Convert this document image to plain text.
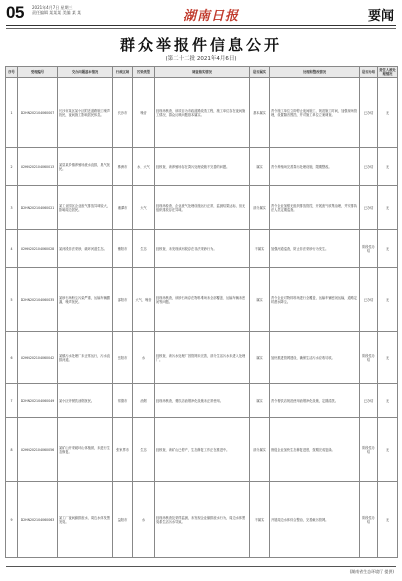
05 2021年4月7日 星期三
责任编辑 某某某 美编 某 某	湖南日报	要闻
群众举报件信息公开
(第二十二批 2021年4月6日)
序号	受理编号	交办问题基本情况	行政区域	污染类型	调查核实情况	是否属实	处理和整改情况	是否办结	责任人被处理情况
1	D2HN202104060007	长沙市某区某小区附近道路施工噪声扰民，夜间施工影响居民休息。	长沙市	噪音	经现场核查，该项目为市政道路改造工程，施工单位存在夜间施工情况，群众反映问题基本属实。	基本属实	责令施工单位立即停止夜间施工，规范施工时间，加强现场管理，设置隔音围挡，并对施工单位立案调查。	已办结	无
2	X2HN202104060013	某县某乡镇养殖场废水直排，臭气扰民。	株洲市	水、大气	经核查，该养殖场存在粪污处理设施不完善的问题。	属实	责令养殖场完善粪污处理设施，限期整改。	已办结	无
3	D2HN202104060021	某工业园区企业废气排放异味较大，影响周边居民。	湘潭市	大气	经现场检查，企业废气处理设施运行正常，监测结果达标，但无组织排放存在异味。	部分属实	责令企业加强无组织排放管控，开展废气收集治理，并安排执法人员定期巡查。	已办结	无
4	X2HN202104060028	某河段非法采砂，破坏河道生态。	衡阳市	生态	经核查，未发现该河段存在非法采砂行为。	不属实	加强河道巡查，防止非法采砂行为发生。	阶段性办结	无
5	D2HN202104060035	某砂石场粉尘污染严重，运输车辆撒漏，噪声扰民。	邵阳市	大气、噪音	经现场核查，该砂石场存在物料堆场未全部覆盖、运输车辆未密闭等问题。	属实	责令企业对物料堆场进行全覆盖，运输车辆密闭运输，道路定时洒水降尘。	已办结	无
6	X2HN202104060042	某镇污水处理厂未正常运行，污水直排河道。	岳阳市	水	经核查，该污水处理厂因管网未完善，部分生活污水未进入处理厂。	属实	加快推进管网建设，确保生活污水应收尽收。	阶段性办结	无
7	D2HN202104060049	某小区旁餐饮油烟扰民。	常德市	油烟	经现场核查，餐饮店油烟净化设施未正常使用。	属实	责令餐饮店规范使用油烟净化设施，定期清洗。	已办结	无
8	X2HN202104060056	某矿山开采破坏山体植被，未进行生态修复。	张家界市	生态	经核查，该矿山已停产，生态修复工作正在推进中。	部分属实	督促企业加快生态修复进度，按期完成复绿。	阶段性办结	无
9	D2HN202104060063	某工厂夜间偷排废水，周边水体发黑发臭。	益阳市	水	经现场核查及采样监测，未发现企业偷排废水行为，周边水体黑臭系生活污水导致。	不属实	开展周边水体综合整治，完善截污管网。	阶段性办结	无
(湖南省生态环境厅 提供)
